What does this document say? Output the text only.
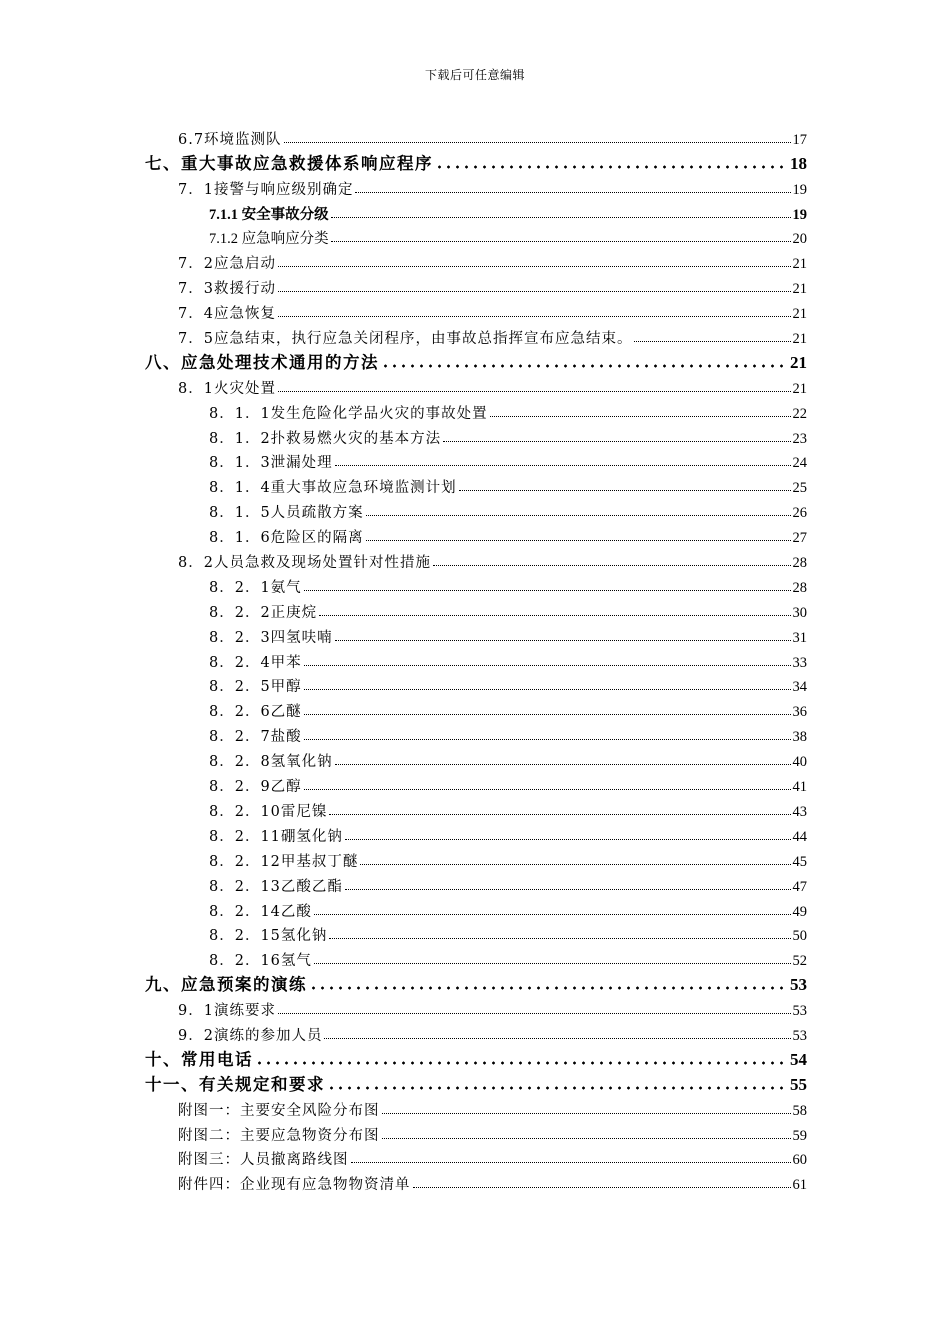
下载后可任意编辑
6.7环境监测队	17
七、重大事故应急救援体系响应程序	18
7．1接警与响应级别确定	19
7.1.1 安全事故分级	19
7.1.2 应急响应分类	20
7．2应急启动	21
7．3救援行动	21
7．4应急恢复	21
7．5应急结束，执行应急关闭程序，由事故总指挥宣布应急结束。	21
八、应急处理技术通用的方法	21
8．1火灾处置	21
8．1．1发生危险化学品火灾的事故处置	22
8．1．2扑救易燃火灾的基本方法	23
8．1．3泄漏处理	24
8．1．4重大事故应急环境监测计划	25
8．1．5人员疏散方案	26
8．1．6危险区的隔离	27
8．2人员急救及现场处置针对性措施	28
8．2．1氨气	28
8．2．2正庚烷	30
8．2．3四氢呋喃	31
8．2．4甲苯	33
8．2．5甲醇	34
8．2．6乙醚	36
8．2．7盐酸	38
8．2．8氢氧化钠	40
8．2．9乙醇	41
8．2．10雷尼镍	43
8．2．11硼氢化钠	44
8．2．12甲基叔丁醚	45
8．2．13乙酸乙酯	47
8．2．14乙酸	49
8．2．15氢化钠	50
8．2．16氢气	52
九、应急预案的演练	53
9．1演练要求	53
9．2演练的参加人员	53
十、常用电话	54
十一、有关规定和要求	55
附图一：主要安全风险分布图	58
附图二：主要应急物资分布图	59
附图三：人员撤离路线图	60
附件四：企业现有应急物物资清单	61
